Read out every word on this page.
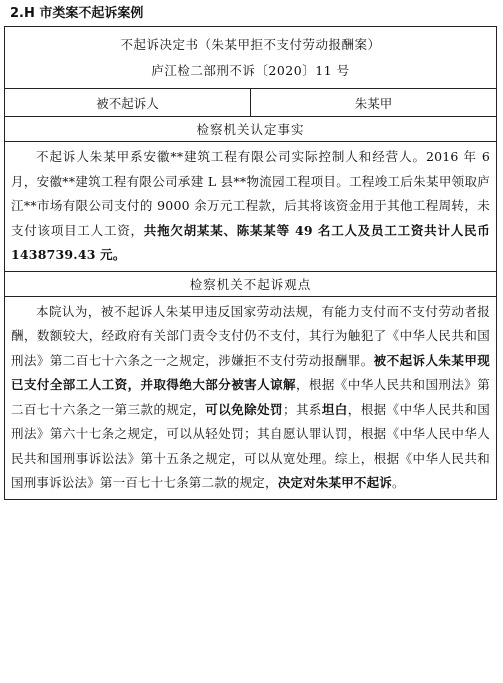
2.H 市类案不起诉案例
不起诉决定书（朱某甲拒不支付劳动报酬案）
庐江检二部刑不诉〔2020〕11 号

被不起诉人	朱某甲
检察机关认定事实

不起诉人朱某甲系安徽**建筑工程有限公司实际控制人和经营人。2016 年 6 月，安徽**建筑工程有限公司承建 L 县**物流园工程项目。工程竣工后朱某甲领取庐江**市场有限公司支付的 9000 余万元工程款，后其将该资金用于其他工程周转，未支付该项目工人工资，共拖欠胡某某、陈某某等 49 名工人及员工工资共计人民币 1438739.43 元。

检察机关不起诉观点

本院认为，被不起诉人朱某甲违反国家劳动法规，有能力支付而不支付劳动者报酬，数额较大，经政府有关部门责令支付仍不支付，其行为触犯了《中华人民共和国刑法》第二百七十六条之一之规定，涉嫌拒不支付劳动报酬罪。被不起诉人朱某甲现已支付全部工人工资，并取得绝大部分被害人谅解，根据《中华人民共和国刑法》第二百七十六条之一第三款的规定，可以免除处罚；其系坦白，根据《中华人民共和国刑法》第六十七条之规定，可以从轻处罚；其自愿认罪认罚，根据《中华人民中华人民共和国刑事诉讼法》第十五条之规定，可以从宽处理。综上，根据《中华人民共和国刑事诉讼法》第一百七十七条第二款的规定，决定对朱某甲不起诉。
